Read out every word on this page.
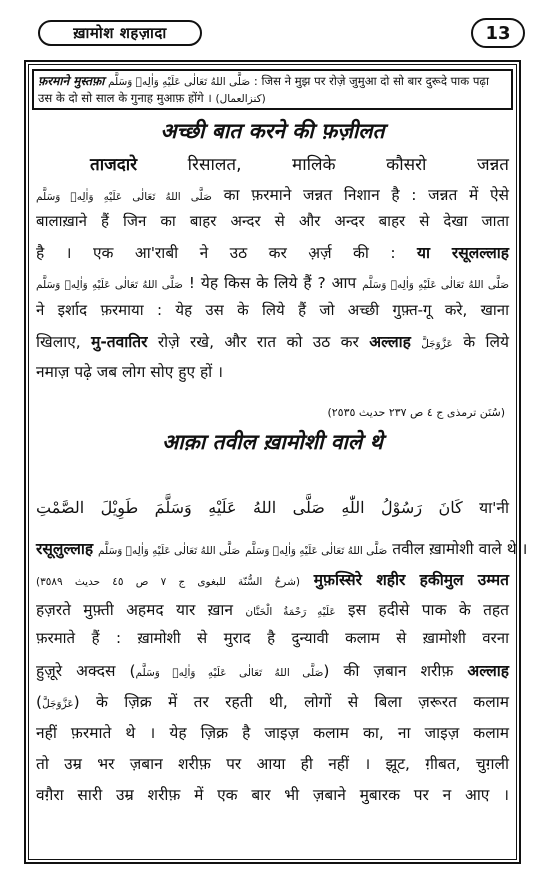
ख़ामोश शहज़ादा	13
फ़रमाने मुस्तफ़ा صَلَّى اللهُ تَعَالٰى عَلَيْهِ وَاٰلِهٖ وَسَلَّم : जिस ने मुझ पर रोज़े जुमुआ दो सो बार दुरूदे पाक पढ़ा
उस के दो सो साल के गुनाह मुआफ़ होंगे । (كنزالعمال)
अच्छी बात करने की फ़ज़ीलत
ताजदारे	रिसालत, मालिके कौसरो जन्नत
صَلَّى اللهُ تَعَالٰى عَلَيْهِ وَاٰلِهٖ وَسَلَّم का फ़रमाने जन्नत निशान है : जन्नत में ऐसे
बालाख़ाने हैं जिन का बाहर अन्दर से और अन्दर बाहर से देखा जाता
है । एक आ'राबी ने उठ कर अ़र्ज़ की : या रसूलल्लाह
صَلَّى اللهُ تَعَالٰى عَلَيْهِ وَاٰلِهٖ وَسَلَّم ! येह किस के लिये हैं ? आप صَلَّى اللهُ تَعَالٰى عَلَيْهِ وَاٰلِهٖ وَسَلَّم
ने इर्शाद फ़रमाया : येह उस के लिये हैं जो अच्छी गुफ़्त-गू करे, खाना
खिलाए, मु-तवातिर रोज़े रखे, और रात को उठ कर अल्लाह عَزَّوَجَلَّ के लिये
नमाज़ पढ़े जब लोग सोए हुए हों ।
(سُنَن ترمذی ج ٤ ص ٢٣٧ حدیث ٢٥٣٥)
आक़ा तवील ख़ामोशी वाले थे
كَانَ رَسُوْلُ اللّٰهِ صَلَّى اللهُ عَلَيْهِ وَسَلَّمَ طَوِيْلَ الصَّمْتِ या'नी
रसूलुल्लाह	صَلَّى اللهُ تَعَالٰى عَلَيْهِ وَاٰلِهٖ وَسَلَّم صَلَّى اللهُ تَعَالٰى عَلَيْهِ وَاٰلِهٖ وَسَلَّم	तवील ख़ामोशी वाले थे ।
(شرحُ السُّنّة للبغوی ج ٧ ص ٤٥ حدیث ٣٥٨٩) मुफ़स्सिरे शहीर हकीमुल उम्मत
हज़रते मुफ़्ती अहमद यार ख़ान عَلَيْهِ رَحْمَةُ الْحَنَّان इस हदीसे पाक के तहत
फ़रमाते हैं : ख़ामोशी से मुराद है दुन्यावी कलाम से ख़ामोशी वरना
हुज़ूरे अक्दस (صَلَّى اللهُ تَعَالٰى عَلَيْهِ وَاٰلِهٖ وَسَلَّم) की ज़बान शरीफ़ अल्लाह
(عَزَّوَجَلَّ) के ज़िक्र में तर रहती थी, लोगों से बिला ज़रूरत कलाम
नहीं फ़रमाते थे । येह ज़िक्र है जाइज़ कलाम का, ना जाइज़ कलाम
तो उम्र भर ज़बान शरीफ़ पर आया ही नहीं । झूट, ग़ीबत, चुग़ली
वग़ैरा सारी उम्र शरीफ़ में एक बार भी ज़बाने मुबारक पर न आए ।
